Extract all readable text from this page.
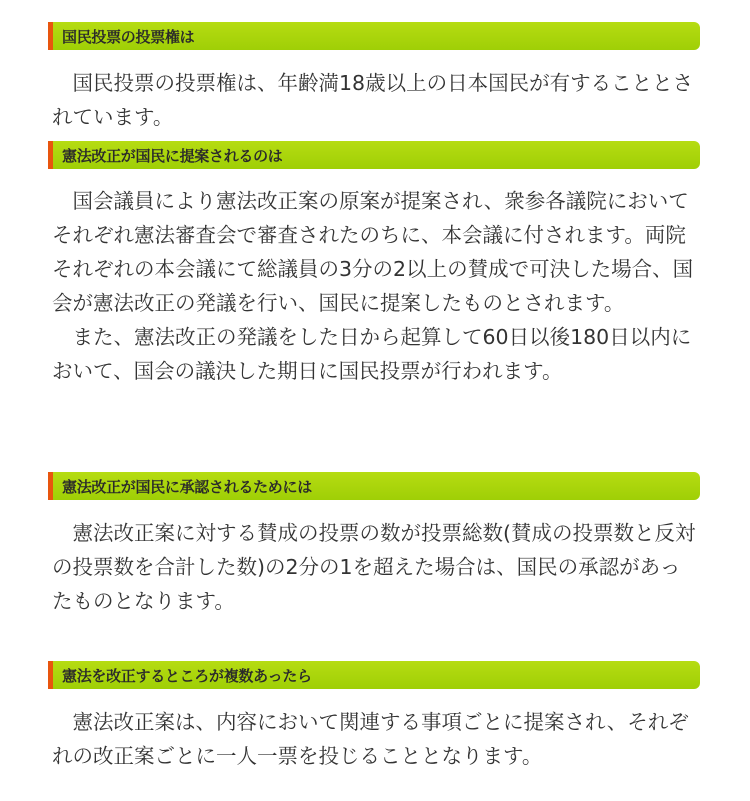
国民投票の投票権は

国民投票の投票権は、年齢満18歳以上の日本国民が有することとされています。

憲法改正が国民に提案されるのは

国会議員により憲法改正案の原案が提案され、衆参各議院においてそれぞれ憲法審査会で審査されたのちに、本会議に付されます。両院それぞれの本会議にて総議員の3分の2以上の賛成で可決した場合、国会が憲法改正の発議を行い、国民に提案したものとされます。

また、憲法改正の発議をした日から起算して60日以後180日以内において、国会の議決した期日に国民投票が行われます。

憲法改正が国民に承認されるためには

憲法改正案に対する賛成の投票の数が投票総数(賛成の投票数と反対の投票数を合計した数)の2分の1を超えた場合は、国民の承認があったものとなります。

憲法を改正するところが複数あったら

憲法改正案は、内容において関連する事項ごとに提案され、それぞれの改正案ごとに一人一票を投じることとなります。
